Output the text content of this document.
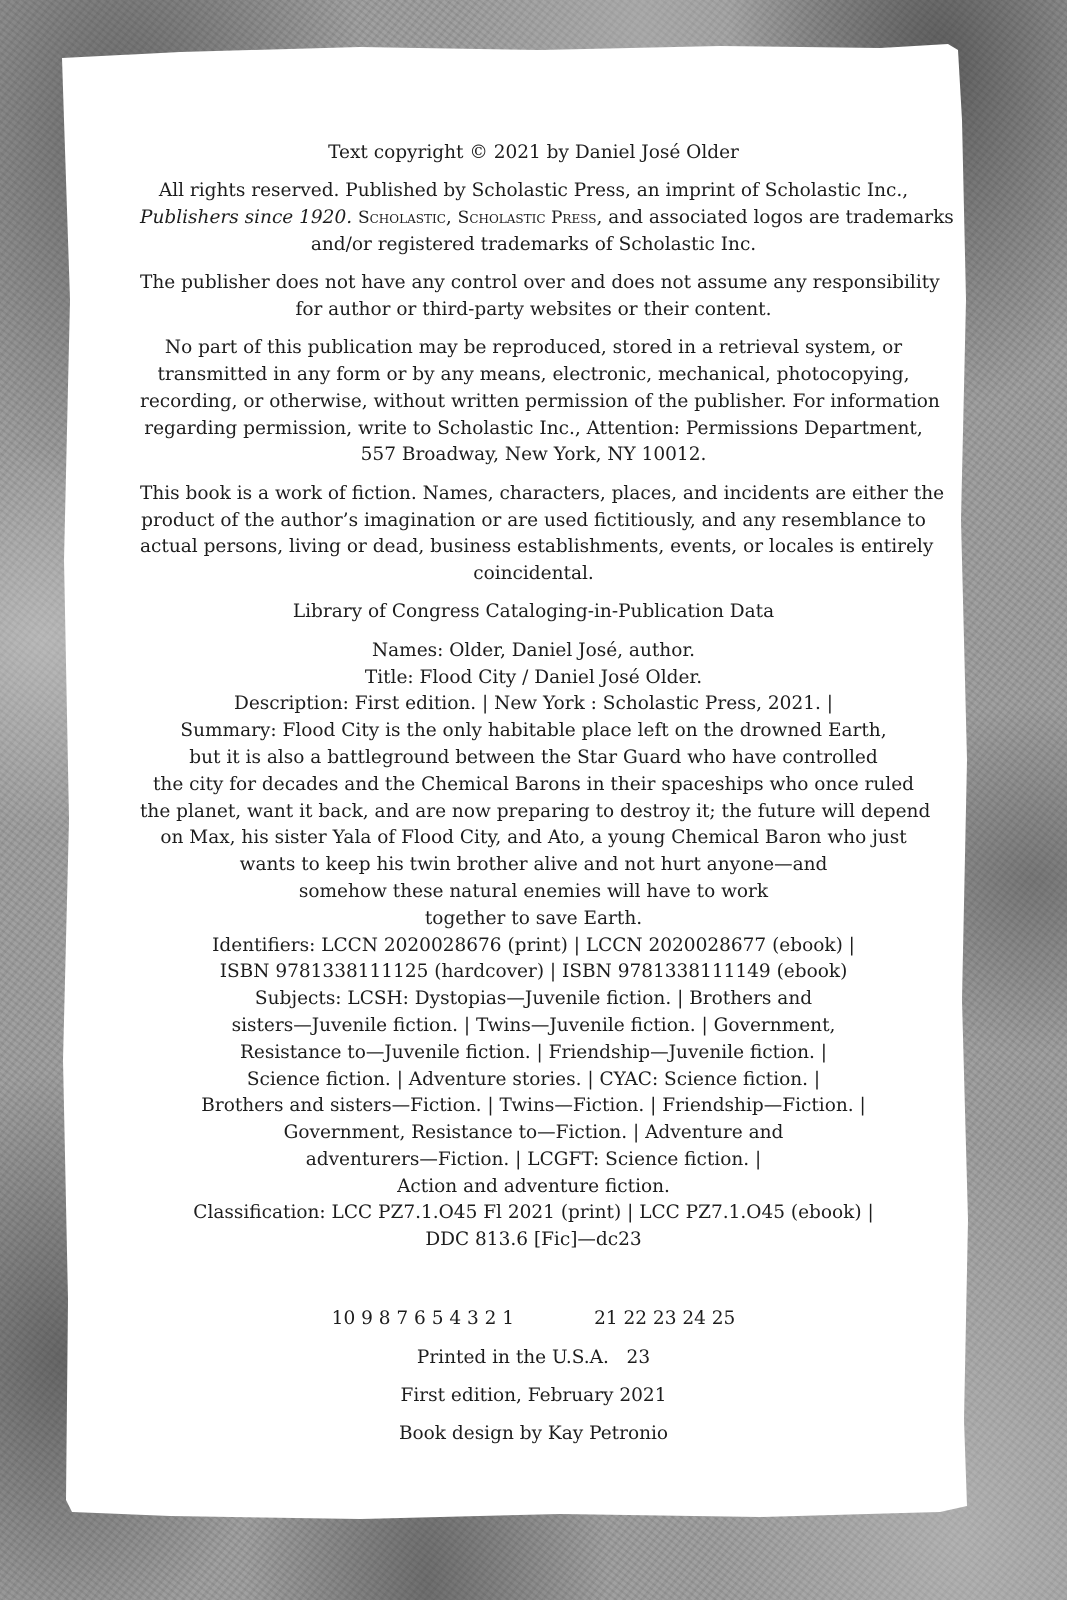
Text copyright © 2021 by Daniel José Older

All rights reserved. Published by Scholastic Press, an imprint of Scholastic Inc.,
Publishers since 1920. Scholastic, Scholastic Press, and associated logos are trademarks
and/or registered trademarks of Scholastic Inc.

The publisher does not have any control over and does not assume any responsibility
for author or third-party websites or their content.

No part of this publication may be reproduced, stored in a retrieval system, or
transmitted in any form or by any means, electronic, mechanical, photocopying,
recording, or otherwise, without written permission of the publisher. For information
regarding permission, write to Scholastic Inc., Attention: Permissions Department,
557 Broadway, New York, NY 10012.

This book is a work of fiction. Names, characters, places, and incidents are either the
product of the author’s imagination or are used fictitiously, and any resemblance to
actual persons, living or dead, business establishments, events, or locales is entirely
coincidental.

Library of Congress Cataloging-in-Publication Data

Names: Older, Daniel José, author.
Title: Flood City / Daniel José Older.
Description: First edition. | New York : Scholastic Press, 2021. |
Summary: Flood City is the only habitable place left on the drowned Earth,
but it is also a battleground between the Star Guard who have controlled
the city for decades and the Chemical Barons in their spaceships who once ruled
the planet, want it back, and are now preparing to destroy it; the future will depend
on Max, his sister Yala of Flood City, and Ato, a young Chemical Baron who just
wants to keep his twin brother alive and not hurt anyone—and
somehow these natural enemies will have to work
together to save Earth.
Identifiers: LCCN 2020028676 (print) | LCCN 2020028677 (ebook) |
ISBN 9781338111125 (hardcover) | ISBN 9781338111149 (ebook)
Subjects: LCSH: Dystopias—Juvenile fiction. | Brothers and
sisters—Juvenile fiction. | Twins—Juvenile fiction. | Government,
Resistance to—Juvenile fiction. | Friendship—Juvenile fiction. |
Science fiction. | Adventure stories. | CYAC: Science fiction. |
Brothers and sisters—Fiction. | Twins—Fiction. | Friendship—Fiction. |
Government, Resistance to—Fiction. | Adventure and
adventurers—Fiction. | LCGFT: Science fiction. |
Action and adventure fiction.
Classification: LCC PZ7.1.O45 Fl 2021 (print) | LCC PZ7.1.O45 (ebook) |
DDC 813.6 [Fic]—dc23

10 9 8 7 6 5 4 3 2 1	21 22 23 24 25

Printed in the U.S.A.   23

First edition, February 2021

Book design by Kay Petronio
